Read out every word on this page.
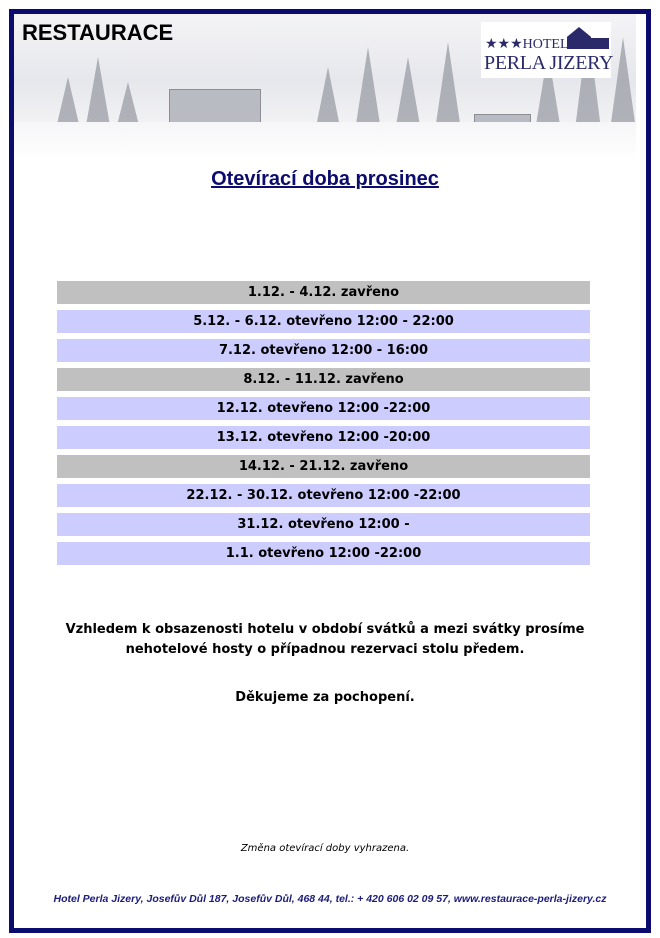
RESTAURACE	★★★HOTEL
PERLA JIZERY
Otevírací doba prosinec
1.12. - 4.12. zavřeno
5.12. - 6.12. otevřeno 12:00 - 22:00
7.12. otevřeno 12:00 - 16:00
8.12. - 11.12. zavřeno
12.12. otevřeno 12:00 -22:00
13.12. otevřeno 12:00 -20:00
14.12. - 21.12. zavřeno
22.12. - 30.12. otevřeno 12:00 -22:00
31.12. otevřeno 12:00 -
1.1. otevřeno 12:00 -22:00
Vzhledem k obsazenosti hotelu v období svátků a mezi svátky prosíme
nehotelové hosty o případnou rezervaci stolu předem.
Děkujeme za pochopení.
Změna otevírací doby vyhrazena.
Hotel Perla Jizery, Josefův Důl 187, Josefův Důl, 468 44, tel.: + 420 606 02 09 57, www.restaurace-perla-jizery.cz
